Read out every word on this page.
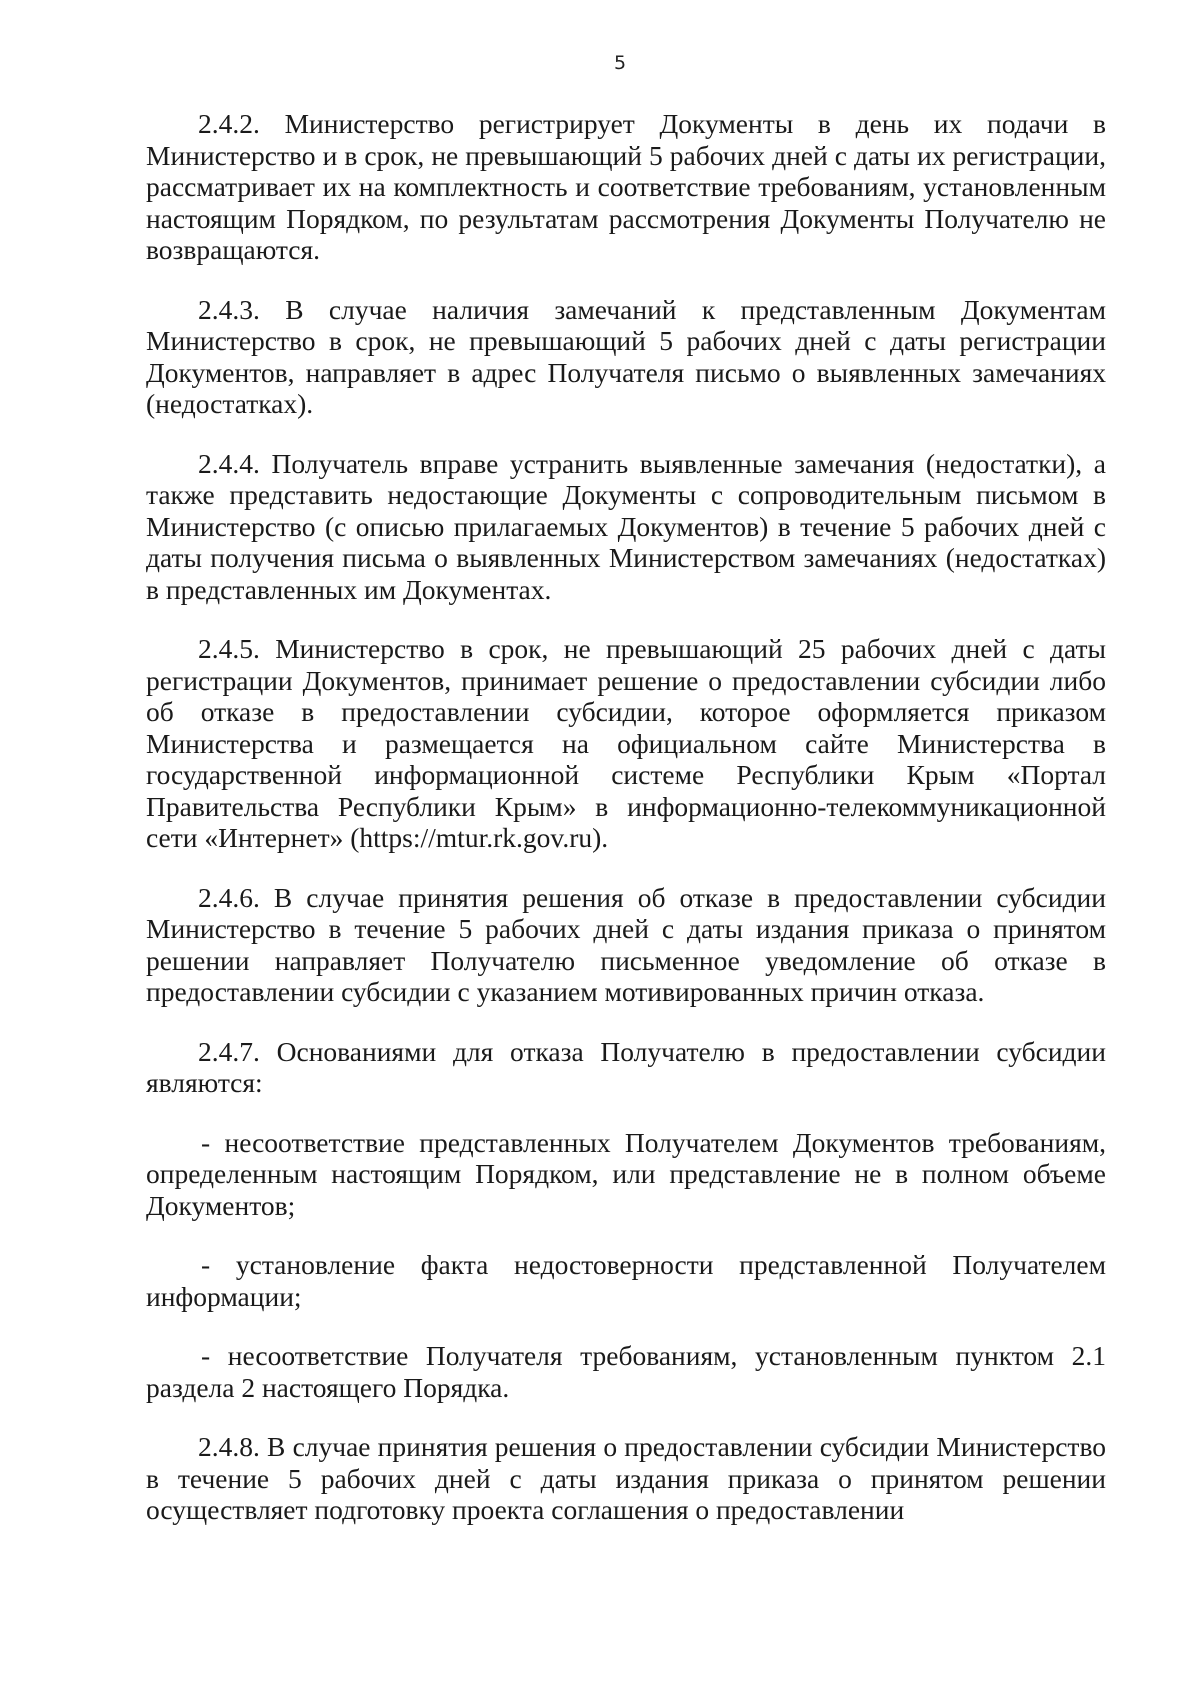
5

2.4.2. Министерство регистрирует Документы в день их подачи в Министерство и в срок, не превышающий 5 рабочих дней с даты их регистрации, рассматривает их на комплектность и соответствие требованиям, установленным настоящим Порядком, по результатам рассмотрения Документы Получателю не возвращаются.

2.4.3. В случае наличия замечаний к представленным Документам Министерство в срок, не превышающий 5 рабочих дней с даты регистрации Документов, направляет в адрес Получателя письмо о выявленных замечаниях (недостатках).

2.4.4. Получатель вправе устранить выявленные замечания (недостатки), а также представить недостающие Документы с сопроводительным письмом в Министерство (с описью прилагаемых Документов) в течение 5 рабочих дней с даты получения письма о выявленных Министерством замечаниях (недостатках) в представленных им Документах.

2.4.5. Министерство в срок, не превышающий 25 рабочих дней с даты регистрации Документов, принимает решение о предоставлении субсидии либо об отказе в предоставлении субсидии, которое оформляется приказом Министерства и размещается на официальном сайте Министерства в государственной информационной системе Республики Крым «Портал Правительства Республики Крым» в информационно-телекоммуникационной сети «Интернет» (https://mtur.rk.gov.ru).

2.4.6. В случае принятия решения об отказе в предоставлении субсидии Министерство в течение 5 рабочих дней с даты издания приказа о принятом решении направляет Получателю письменное уведомление об отказе в предоставлении субсидии с указанием мотивированных причин отказа.

2.4.7. Основаниями для отказа Получателю в предоставлении субсидии являются:

- несоответствие представленных Получателем Документов требованиям, определенным настоящим Порядком, или представление не в полном объеме Документов;

- установление факта недостоверности представленной Получателем информации;

- несоответствие Получателя требованиям, установленным пунктом 2.1 раздела 2 настоящего Порядка.

2.4.8. В случае принятия решения о предоставлении субсидии Министерство в течение 5 рабочих дней с даты издания приказа о принятом решении осуществляет подготовку проекта соглашения о предоставлении
